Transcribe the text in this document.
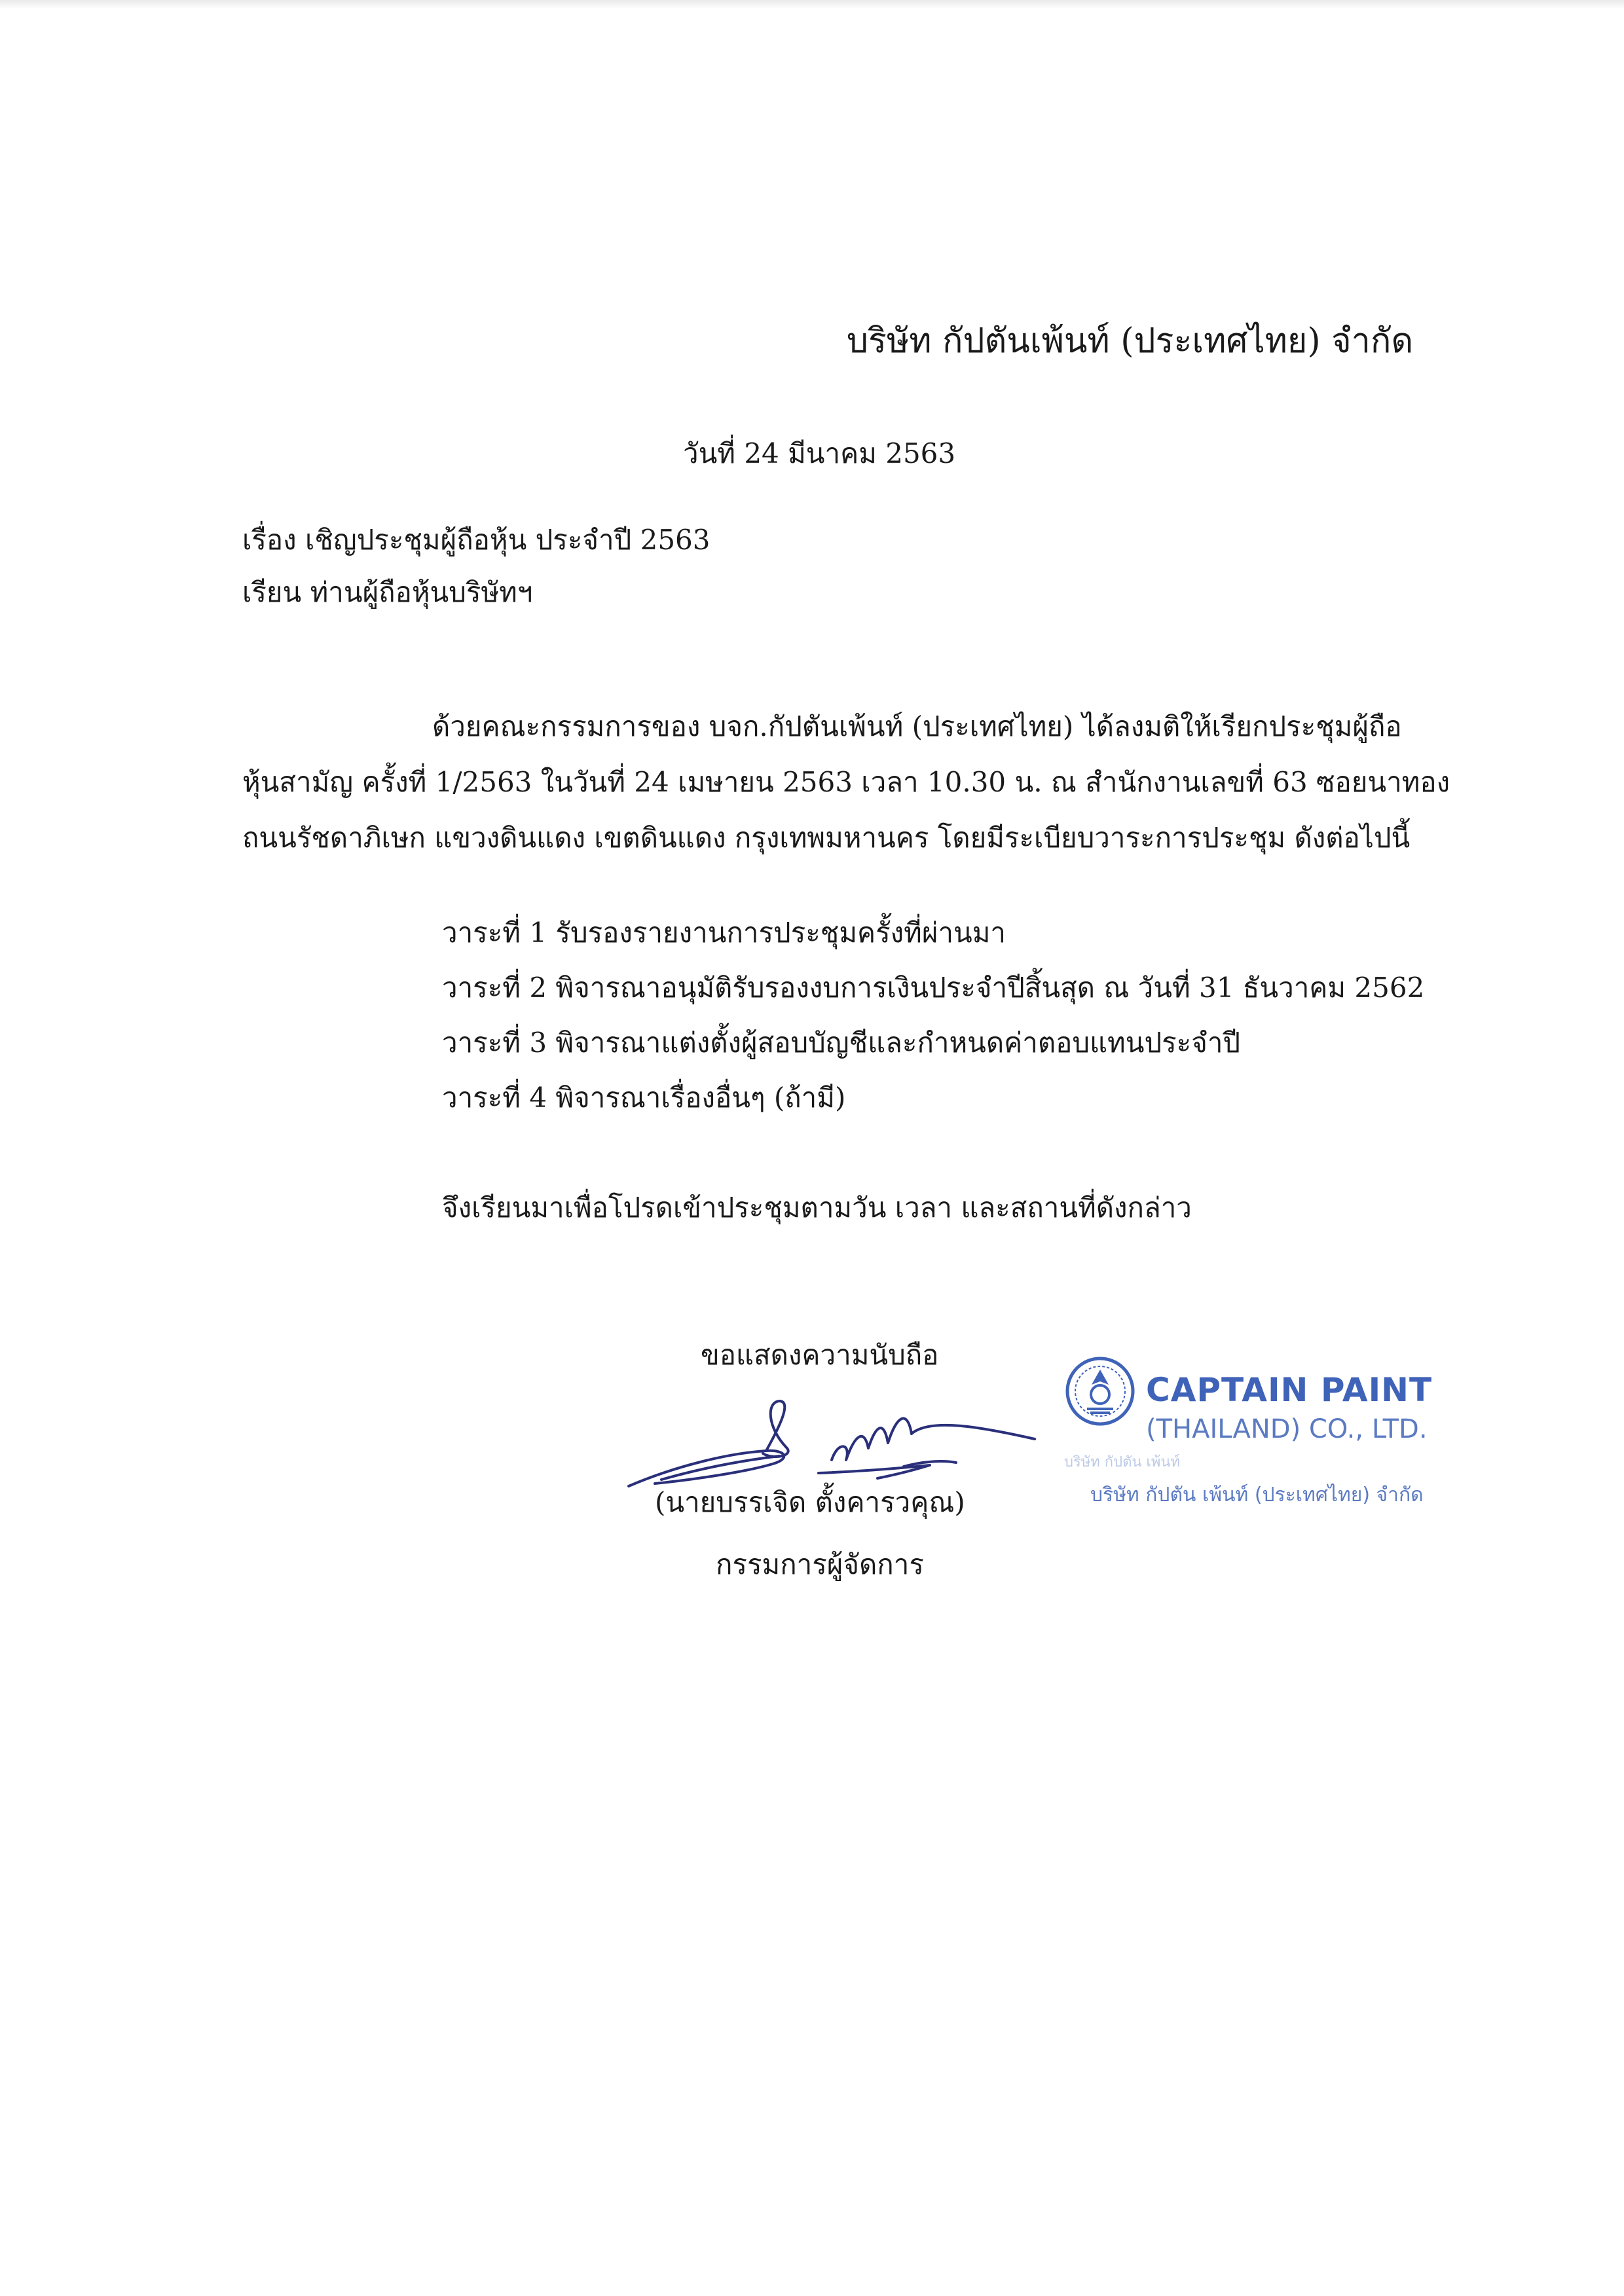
บริษัท กัปตันเพ้นท์ (ประเทศไทย) จำกัด
วันที่ 24 มีนาคม 2563
เรื่อง เชิญประชุมผู้ถือหุ้น ประจำปี 2563
เรียน ท่านผู้ถือหุ้นบริษัทฯ
ด้วยคณะกรรมการของ บจก.กัปตันเพ้นท์ (ประเทศไทย) ได้ลงมติให้เรียกประชุมผู้ถือ
หุ้นสามัญ ครั้งที่ 1/2563 ในวันที่ 24 เมษายน 2563 เวลา 10.30 น. ณ สำนักงานเลขที่ 63 ซอยนาทอง
ถนนรัชดาภิเษก แขวงดินแดง เขตดินแดง กรุงเทพมหานคร โดยมีระเบียบวาระการประชุม ดังต่อไปนี้
วาระที่ 1 รับรองรายงานการประชุมครั้งที่ผ่านมา
วาระที่ 2 พิจารณาอนุมัติรับรองงบการเงินประจำปีสิ้นสุด ณ วันที่ 31 ธันวาคม 2562
วาระที่ 3 พิจารณาแต่งตั้งผู้สอบบัญชีและกำหนดค่าตอบแทนประจำปี
วาระที่ 4 พิจารณาเรื่องอื่นๆ (ถ้ามี)
จึงเรียนมาเพื่อโปรดเข้าประชุมตามวัน เวลา และสถานที่ดังกล่าว
ขอแสดงความนับถือ
(นายบรรเจิด ตั้งคารวคุณ)
กรรมการผู้จัดการ
CAPTAIN PAINT
(THAILAND) CO., LTD.
บริษัท กัปตัน เพ้นท์
บริษัท กัปตัน เพ้นท์ (ประเทศไทย) จำกัด
